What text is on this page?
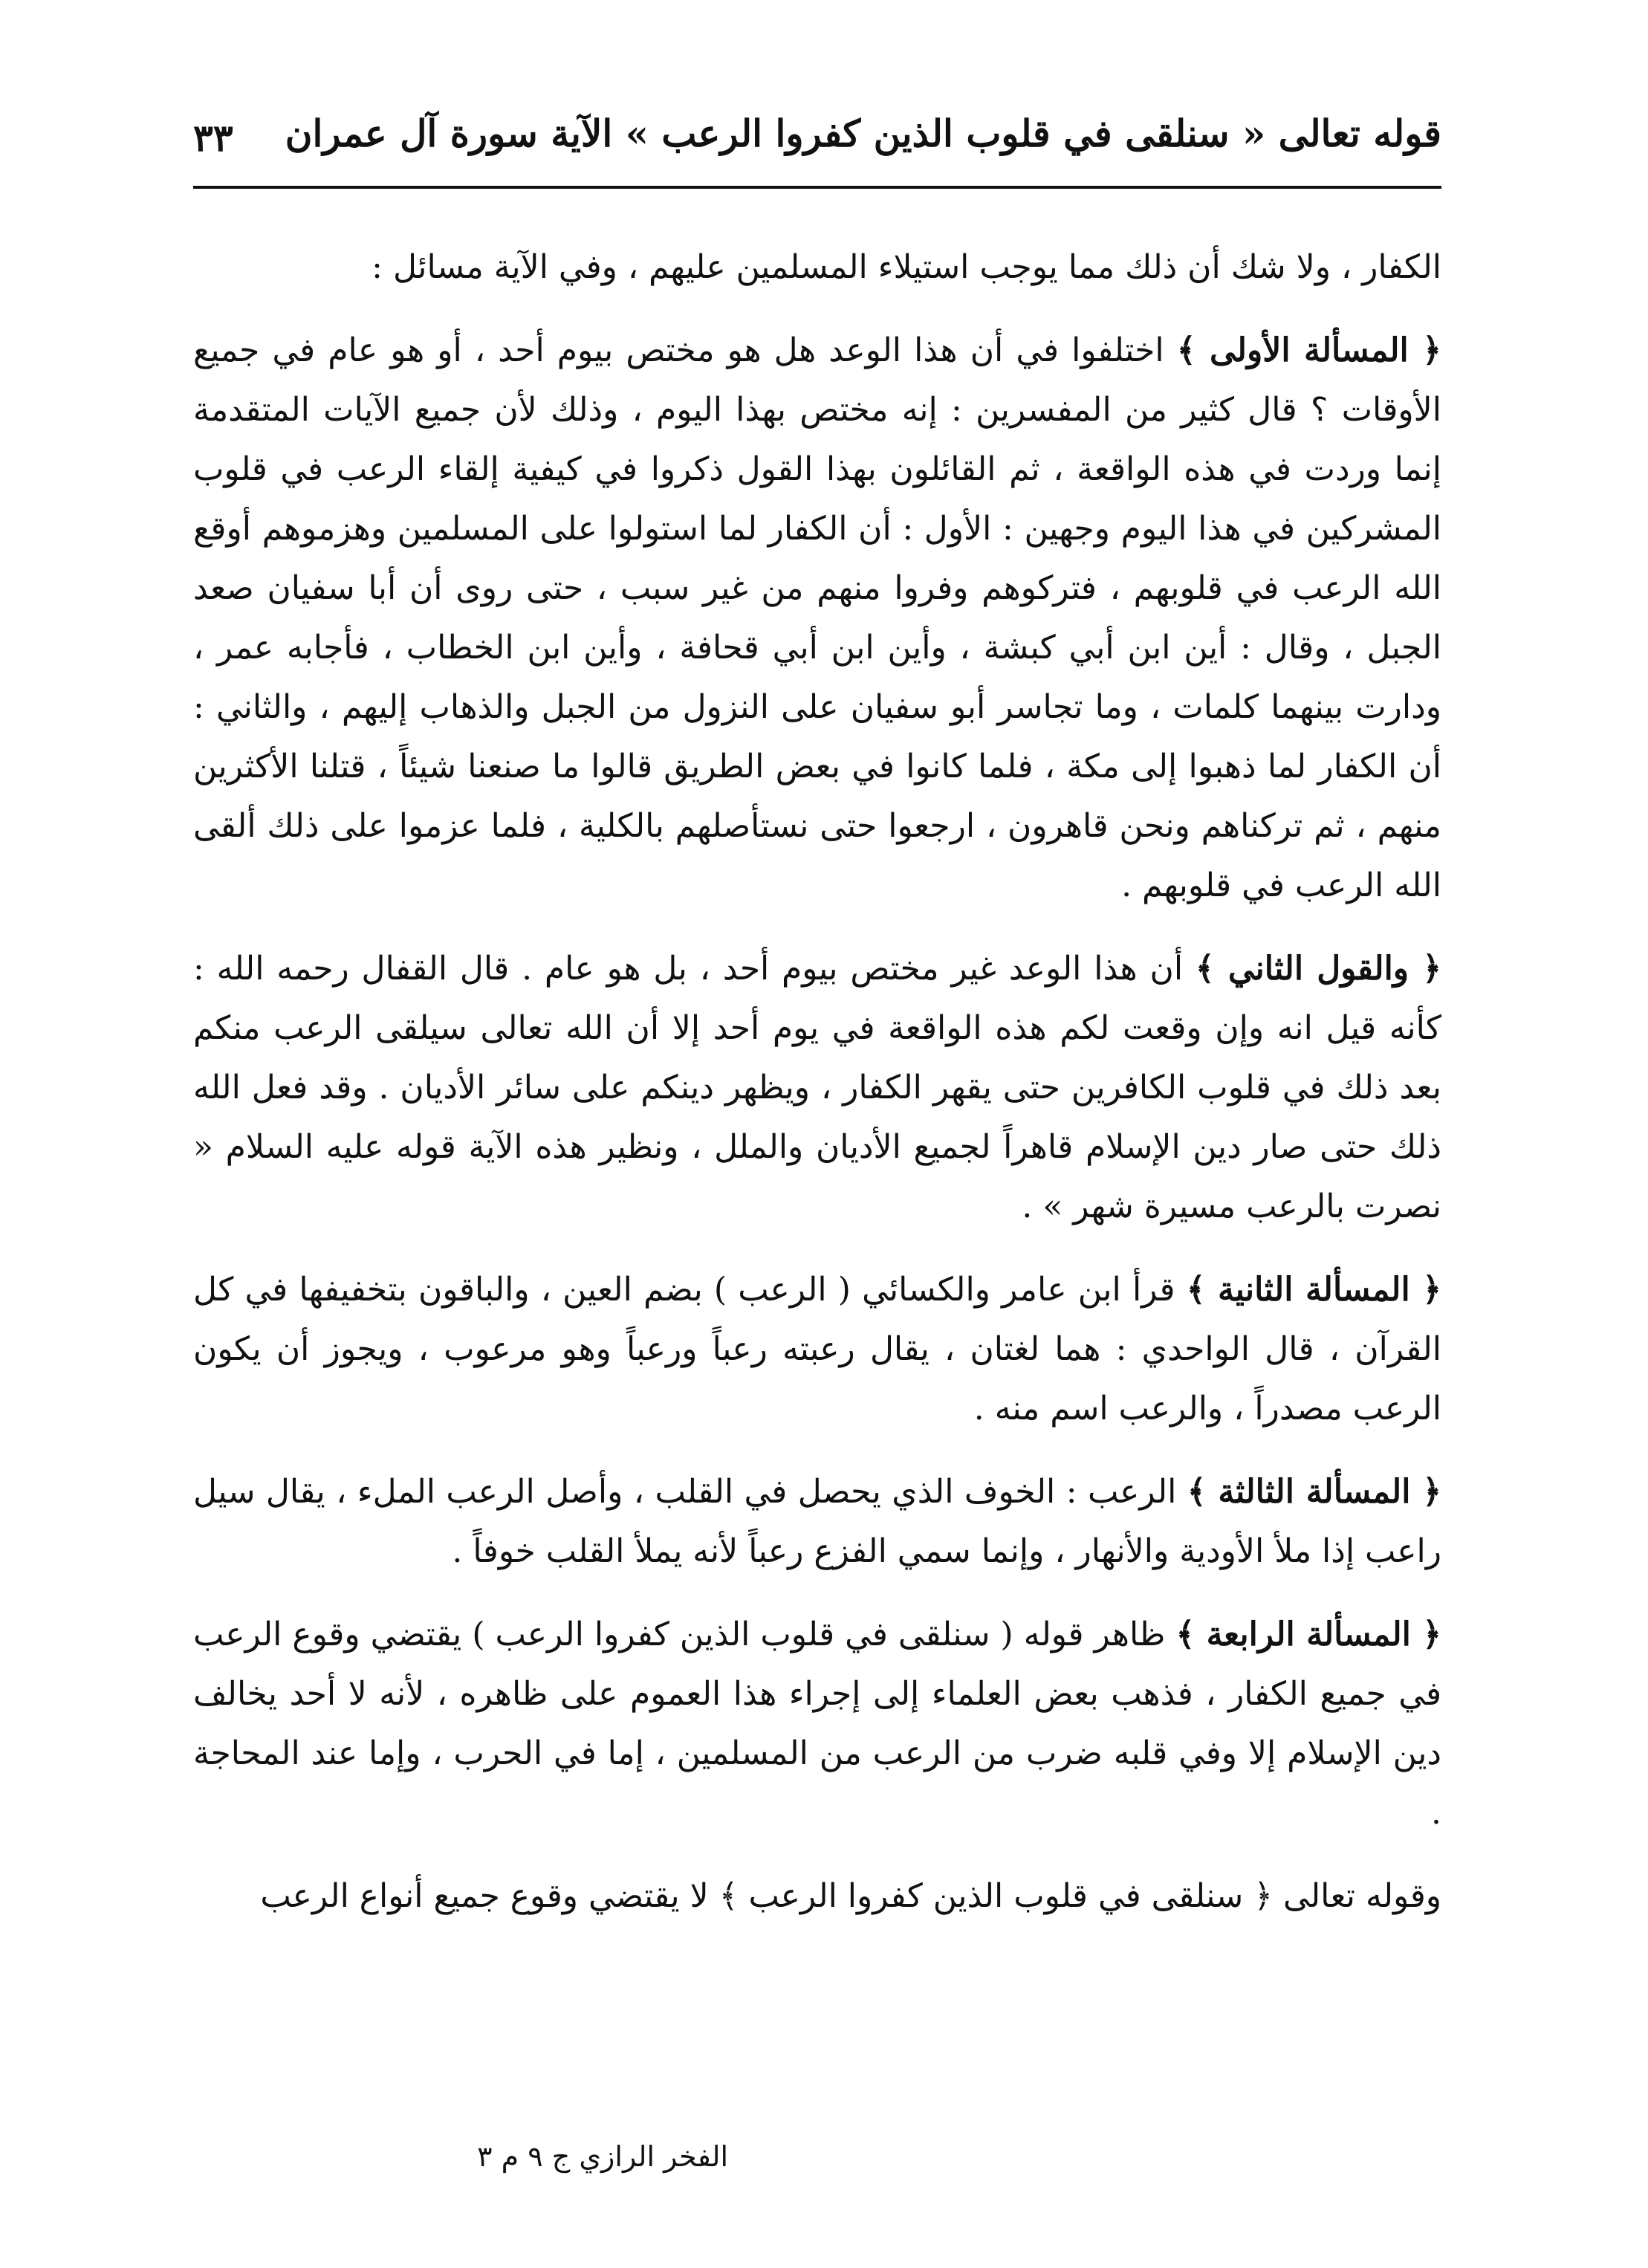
قوله تعالى « سنلقى في قلوب الذين كفروا الرعب » الآية سورة آل عمران
٣٣

الكفار ، ولا شك أن ذلك مما يوجب استيلاء المسلمين عليهم ، وفي الآية مسائل :

﴿ المسألة الأولى ﴾ اختلفوا في أن هذا الوعد هل هو مختص بيوم أحد ، أو هو عام في جميع الأوقات ؟ قال كثير من المفسرين : إنه مختص بهذا اليوم ، وذلك لأن جميع الآيات المتقدمة إنما وردت في هذه الواقعة ، ثم القائلون بهذا القول ذكروا في كيفية إلقاء الرعب في قلوب المشركين في هذا اليوم وجهين : الأول : أن الكفار لما استولوا على المسلمين وهزموهم أوقع الله الرعب في قلوبهم ، فتركوهم وفروا منهم من غير سبب ، حتى روى أن أبا سفيان صعد الجبل ، وقال : أين ابن أبي كبشة ، وأين ابن أبي قحافة ، وأين ابن الخطاب ، فأجابه عمر ، ودارت بينهما كلمات ، وما تجاسر أبو سفيان على النزول من الجبل والذهاب إليهم ، والثاني : أن الكفار لما ذهبوا إلى مكة ، فلما كانوا في بعض الطريق قالوا ما صنعنا شيئاً ، قتلنا الأكثرين منهم ، ثم تركناهم ونحن قاهرون ، ارجعوا حتى نستأصلهم بالكلية ، فلما عزموا على ذلك ألقى الله الرعب في قلوبهم .

﴿ والقول الثاني ﴾ أن هذا الوعد غير مختص بيوم أحد ، بل هو عام . قال القفال رحمه الله : كأنه قيل انه وإن وقعت لكم هذه الواقعة في يوم أحد إلا أن الله تعالى سيلقى الرعب منكم بعد ذلك في قلوب الكافرين حتى يقهر الكفار ، ويظهر دينكم على سائر الأديان . وقد فعل الله ذلك حتى صار دين الإسلام قاهراً لجميع الأديان والملل ، ونظير هذه الآية قوله عليه السلام « نصرت بالرعب مسيرة شهر » .

﴿ المسألة الثانية ﴾ قرأ ابن عامر والكسائي ( الرعب ) بضم العين ، والباقون بتخفيفها في كل القرآن ، قال الواحدي : هما لغتان ، يقال رعبته رعباً ورعباً وهو مرعوب ، ويجوز أن يكون الرعب مصدراً ، والرعب اسم منه .

﴿ المسألة الثالثة ﴾ الرعب : الخوف الذي يحصل في القلب ، وأصل الرعب الملء ، يقال سيل راعب إذا ملأ الأودية والأنهار ، وإنما سمي الفزع رعباً لأنه يملأ القلب خوفاً .

﴿ المسألة الرابعة ﴾ ظاهر قوله ( سنلقى في قلوب الذين كفروا الرعب ) يقتضي وقوع الرعب في جميع الكفار ، فذهب بعض العلماء إلى إجراء هذا العموم على ظاهره ، لأنه لا أحد يخالف دين الإسلام إلا وفي قلبه ضرب من الرعب من المسلمين ، إما في الحرب ، وإما عند المحاجة .

وقوله تعالى ﴿ سنلقى في قلوب الذين كفروا الرعب ﴾ لا يقتضي وقوع جميع أنواع الرعب

الفخر الرازي ج ٩ م ٣
